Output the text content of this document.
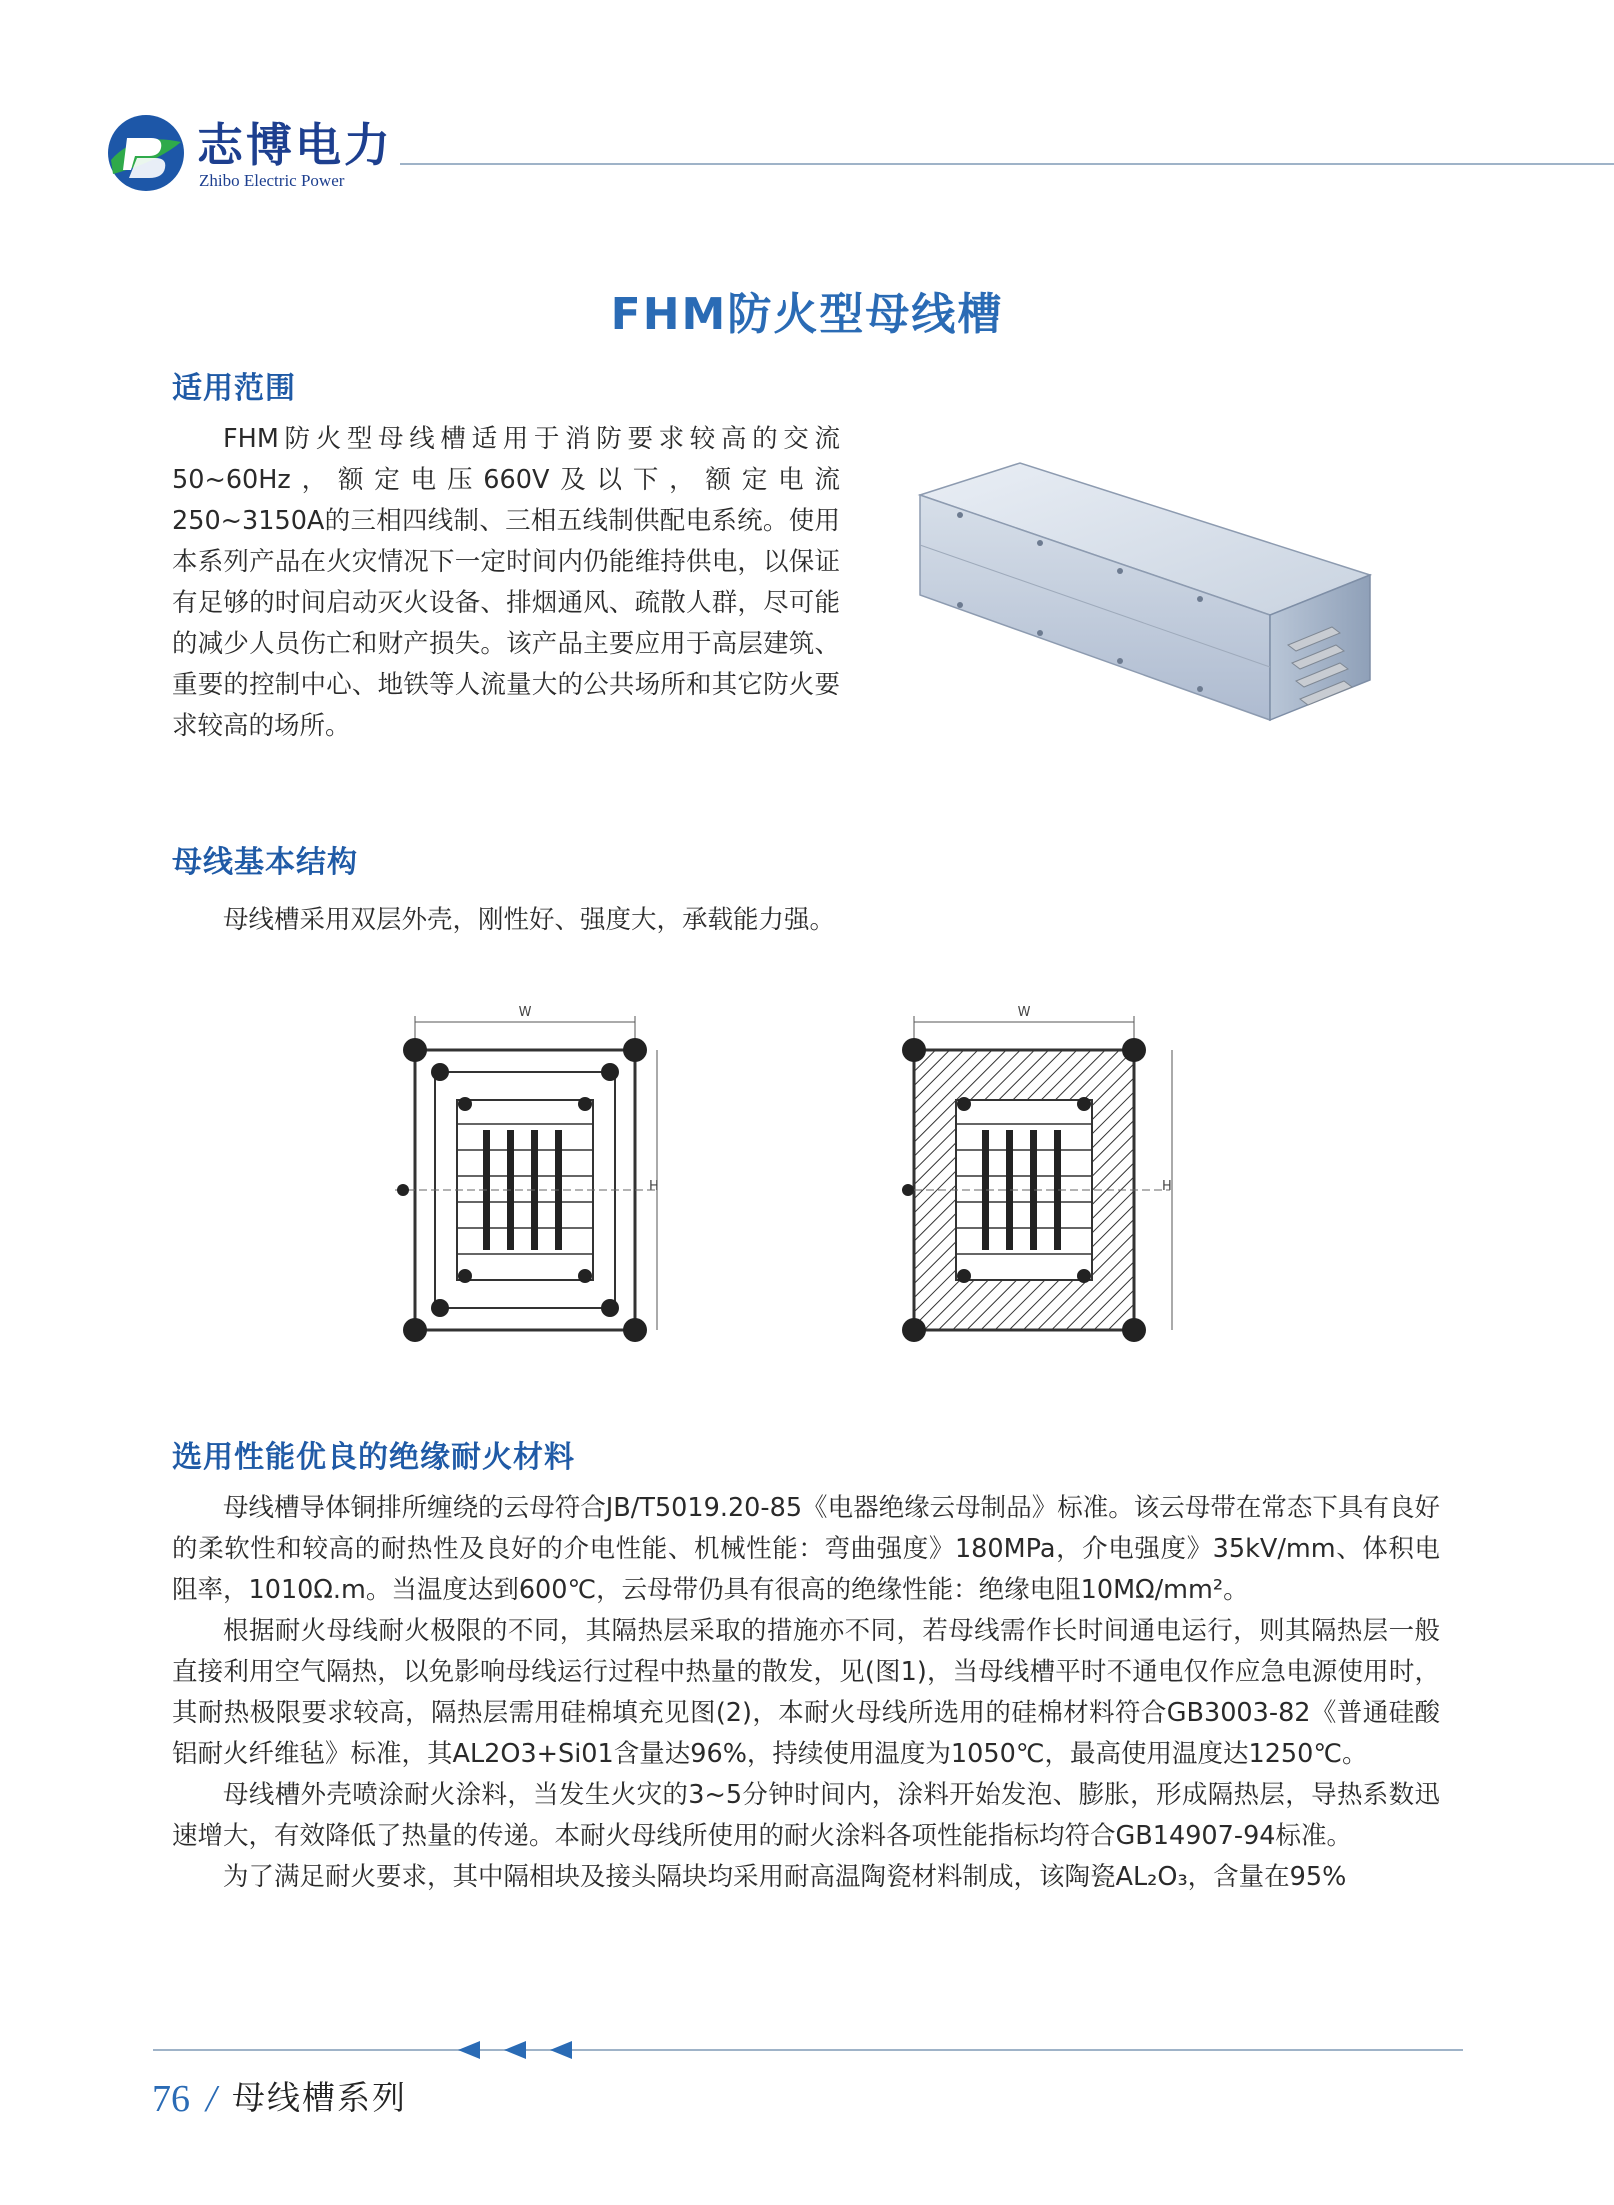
志博电力
Zhibo Electric Power
FHM防火型母线槽
适用范围

FHM防火型母线槽适用于消防要求较高的交流50~60Hz，额定电压660V及以下，额定电流250~3150A的三相四线制、三相五线制供配电系统。使用本系列产品在火灾情况下一定时间内仍能维持供电，以保证有足够的时间启动灭火设备、排烟通风、疏散人群，尽可能的减少人员伤亡和财产损失。该产品主要应用于高层建筑、重要的控制中心、地铁等人流量大的公共场所和其它防火要求较高的场所。

母线基本结构

母线槽采用双层外壳，刚性好、强度大，承载能力强。

W
H
W
H
选用性能优良的绝缘耐火材料

母线槽导体铜排所缠绕的云母符合JB/T5019.20-85《电器绝缘云母制品》标准。该云母带在常态下具有良好的柔软性和较高的耐热性及良好的介电性能、机械性能：弯曲强度》180MPa，介电强度》35kV/mm、体积电阻率，1010Ω.m。当温度达到600℃，云母带仍具有很高的绝缘性能：绝缘电阻10MΩ/mm²。

根据耐火母线耐火极限的不同，其隔热层采取的措施亦不同，若母线需作长时间通电运行，则其隔热层一般直接利用空气隔热，以免影响母线运行过程中热量的散发，见(图1)，当母线槽平时不通电仅作应急电源使用时，其耐热极限要求较高，隔热层需用硅棉填充见图(2)，本耐火母线所选用的硅棉材料符合GB3003-82《普通硅酸铝耐火纤维毡》标准，其AL2O3+Si01含量达96%，持续使用温度为1050℃，最高使用温度达1250℃。

母线槽外壳喷涂耐火涂料，当发生火灾的3~5分钟时间内，涂料开始发泡、膨胀，形成隔热层，导热系数迅速增大，有效降低了热量的传递。本耐火母线所使用的耐火涂料各项性能指标均符合GB14907-94标准。

为了满足耐火要求，其中隔相块及接头隔块均采用耐高温陶瓷材料制成，该陶瓷AL₂O₃，含量在95%

76 / 母线槽系列
